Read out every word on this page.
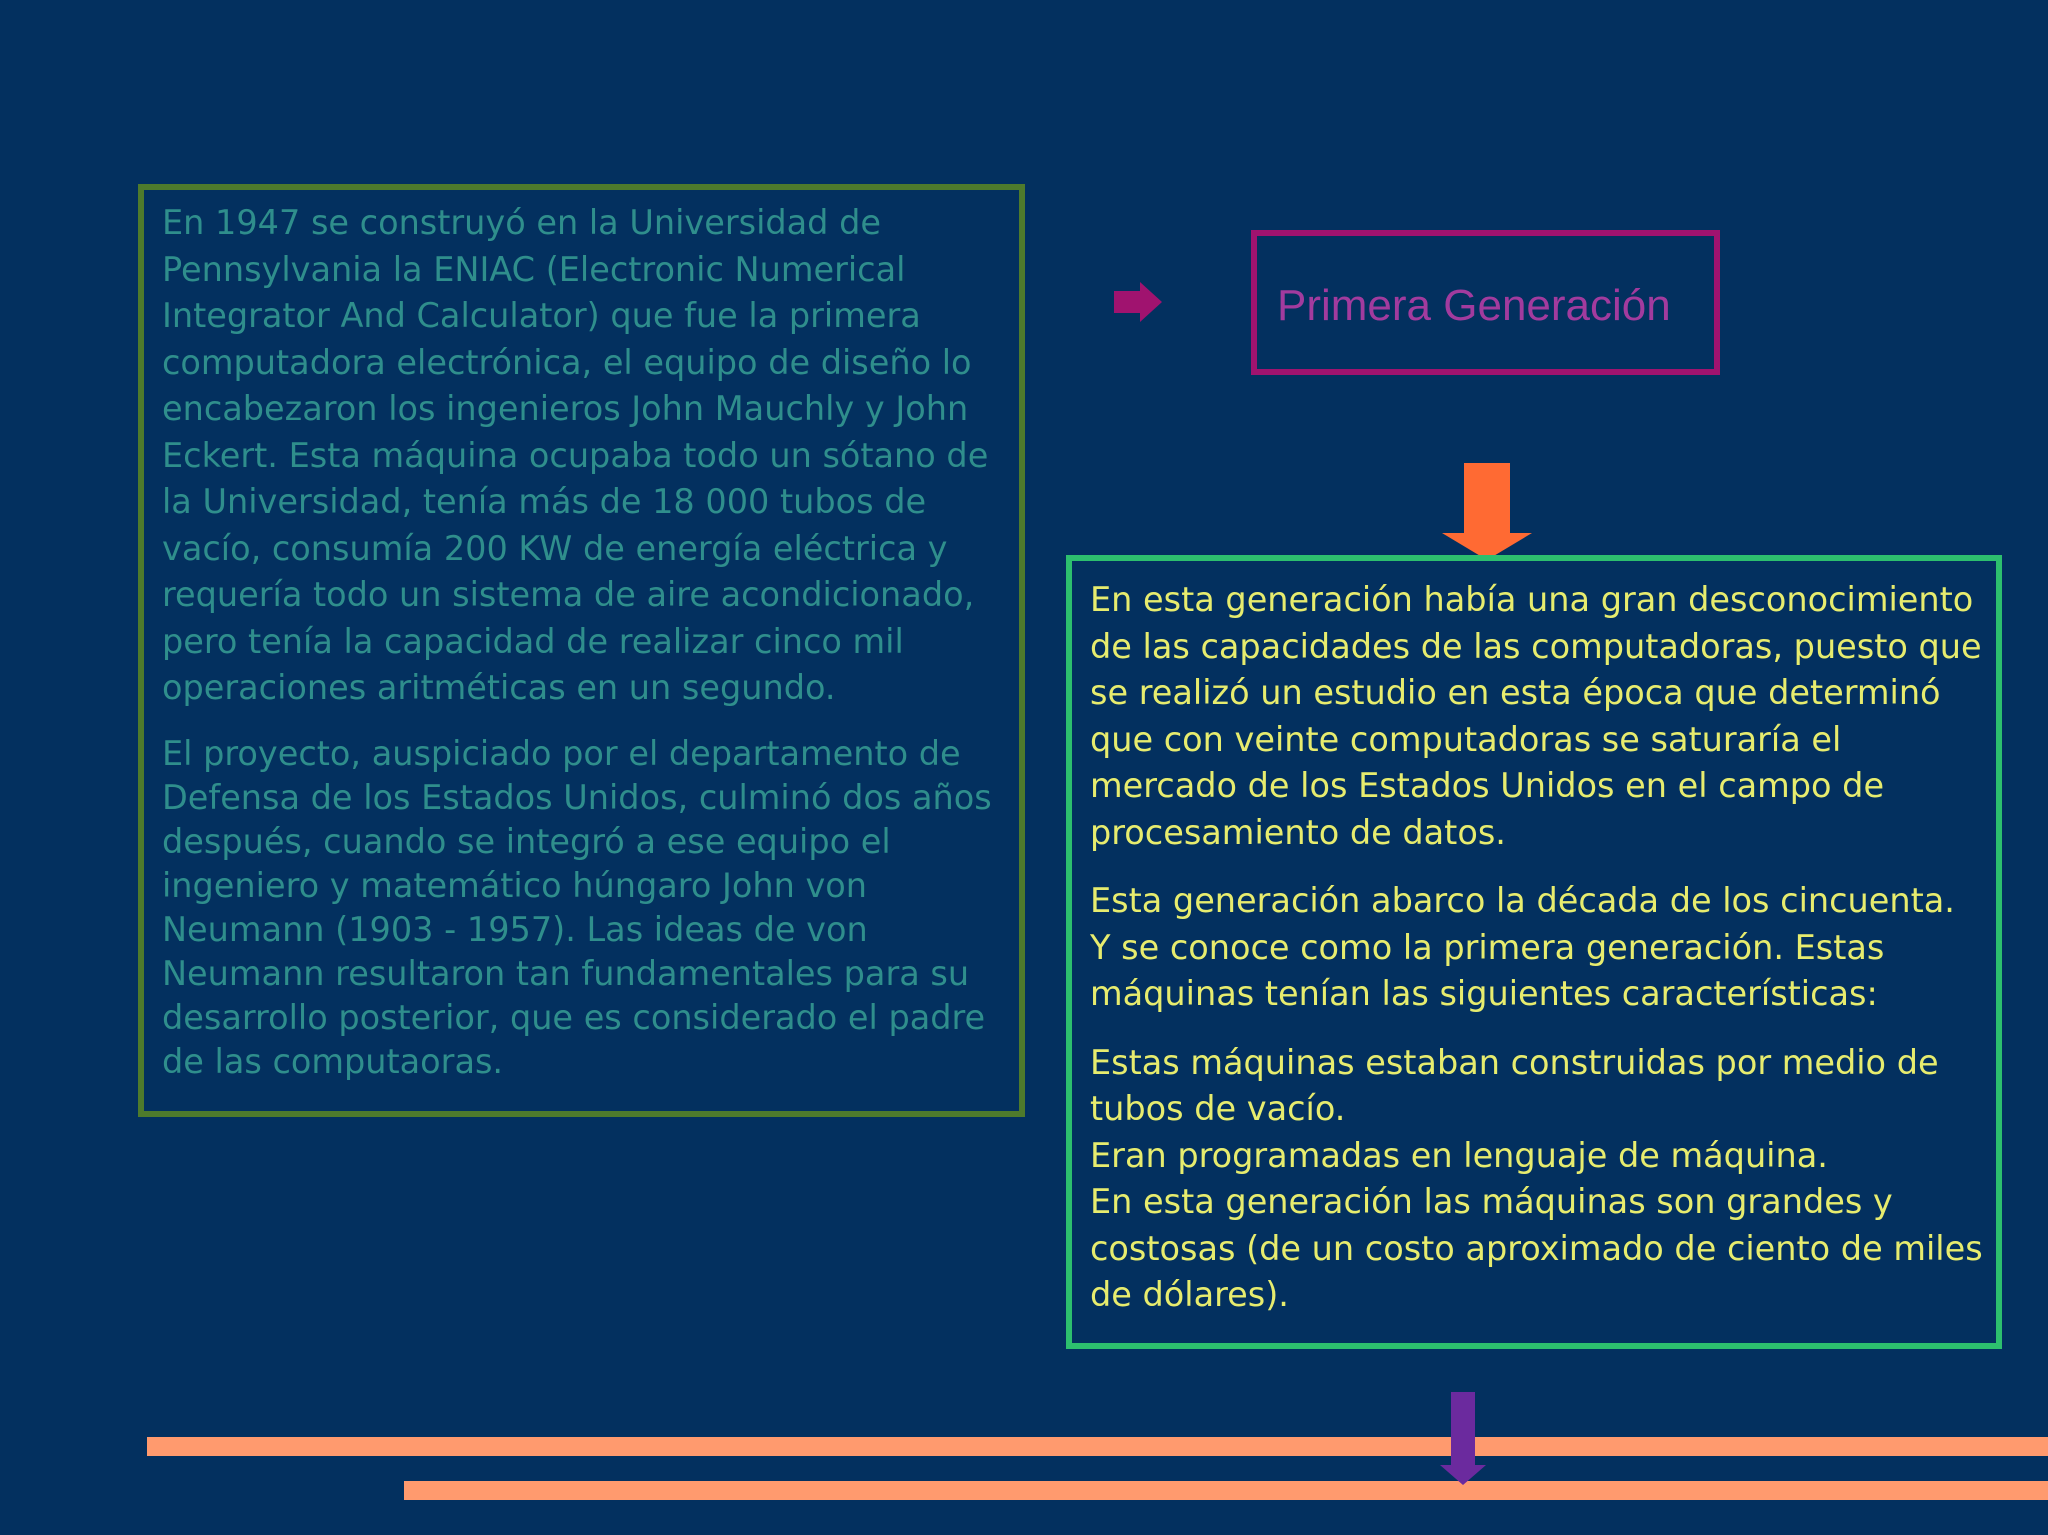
En 1947 se construyó en la Universidad de Pennsylvania la ENIAC (Electronic Numerical Integrator And Calculator) que fue la primera computadora electrónica, el equipo de diseño lo encabezaron los ingenieros John Mauchly y John Eckert. Esta máquina ocupaba todo un sótano de la Universidad, tenía más de 18 000 tubos de vacío, consumía 200 KW de energía eléctrica y requería todo un sistema de aire acondicionado, pero tenía la capacidad de realizar cinco mil operaciones aritméticas en un segundo.

El proyecto, auspiciado por el departamento de Defensa de los Estados Unidos, culminó dos años después, cuando se integró a ese equipo el ingeniero y matemático húngaro John von Neumann (1903 - 1957). Las ideas de von Neumann resultaron tan fundamentales para su desarrollo posterior, que es considerado el padre de las computaoras.

Primera Generación

En esta generación había una gran desconocimiento de las capacidades de las computadoras, puesto que se realizó un estudio en esta época que determinó que con veinte computadoras se saturaría el mercado de los Estados Unidos en el campo de procesamiento de datos.

Esta generación abarco la década de los cincuenta. Y se conoce como la primera generación. Estas máquinas tenían las siguientes características:

Estas máquinas estaban construidas por medio de tubos de vacío.
Eran programadas en lenguaje de máquina.
En esta generación las máquinas son grandes y costosas (de un costo aproximado de ciento de miles de dólares).
